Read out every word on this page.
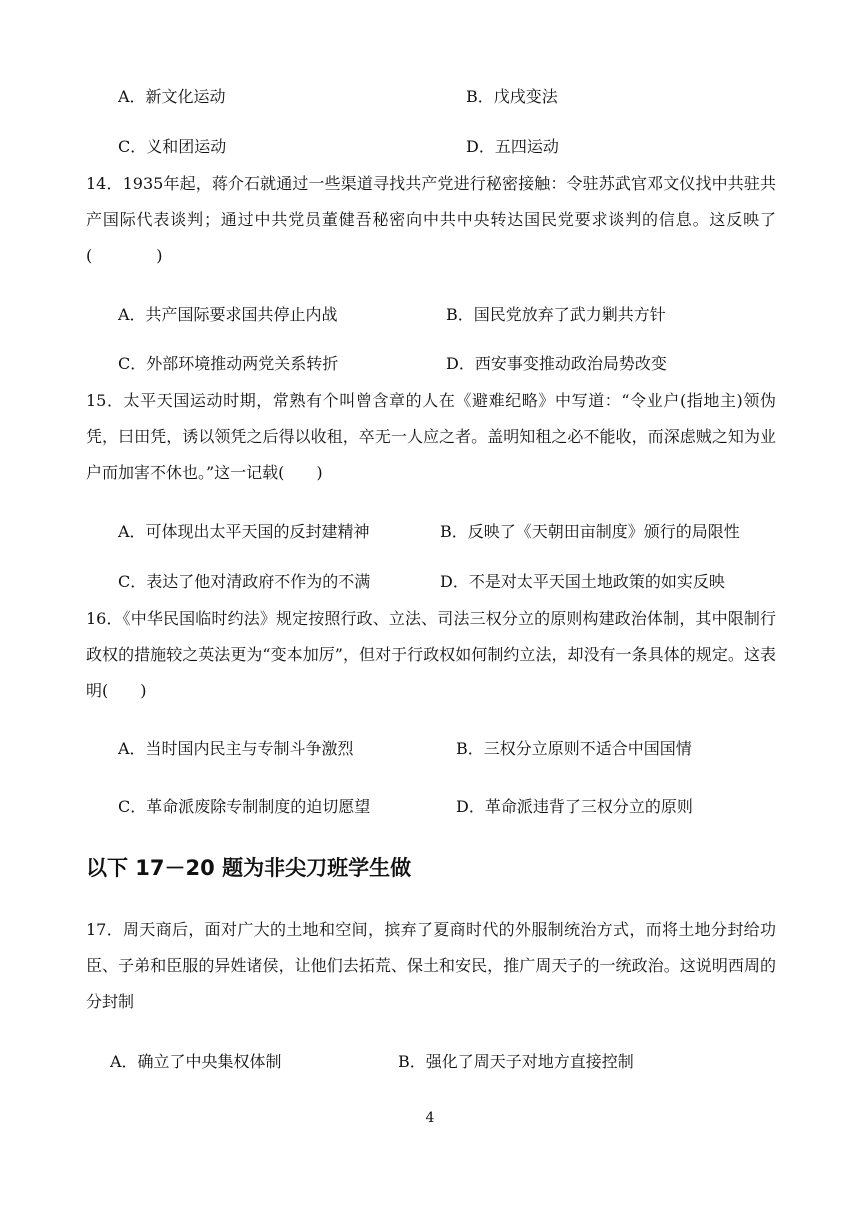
A．新文化运动	B．戊戌变法
C．义和团运动	D．五四运动
14．1935年起，蒋介石就通过一些渠道寻找共产党进行秘密接触：令驻苏武官邓文仪找中共驻共产国际代表谈判；通过中共党员董健吾秘密向中共中央转达国民党要求谈判的信息。这反映了(　　　　)
A．共产国际要求国共停止内战	B．国民党放弃了武力剿共方针
C．外部环境推动两党关系转折	D．西安事变推动政治局势改变
15．太平天国运动时期，常熟有个叫曾含章的人在《避难纪略》中写道：“令业户(指地主)领伪凭，曰田凭，诱以领凭之后得以收租，卒无一人应之者。盖明知租之必不能收，而深虑贼之知为业户而加害不休也。”这一记载(　　)
A．可体现出太平天国的反封建精神	B．反映了《天朝田亩制度》颁行的局限性
C．表达了他对清政府不作为的不满	D．不是对太平天国土地政策的如实反映
16．《中华民国临时约法》规定按照行政、立法、司法三权分立的原则构建政治体制，其中限制行政权的措施较之英法更为“变本加厉”，但对于行政权如何制约立法，却没有一条具体的规定。这表明(　　)
A．当时国内民主与专制斗争激烈	B．三权分立原则不适合中国国情
C．革命派废除专制制度的迫切愿望	D．革命派违背了三权分立的原则
以下 17－20 题为非尖刀班学生做
17．周天商后，面对广大的土地和空间，摈弃了夏商时代的外服制统治方式，而将土地分封给功臣、子弟和臣服的异姓诸侯，让他们去拓荒、保土和安民，推广周天子的一统政治。这说明西周的分封制
A．确立了中央集权体制	B．强化了周天子对地方直接控制
4
